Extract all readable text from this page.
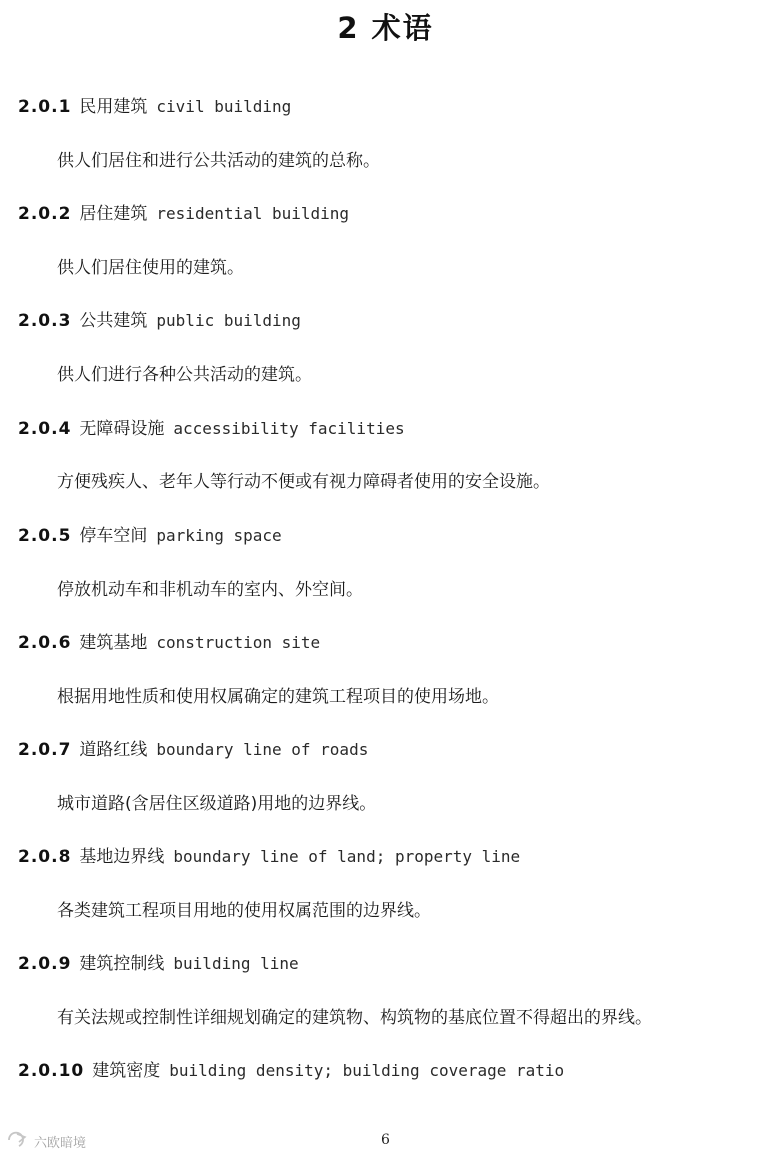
2 术语
2.0.1 民用建筑 civil building
供人们居住和进行公共活动的建筑的总称。
2.0.2 居住建筑 residential building
供人们居住使用的建筑。
2.0.3 公共建筑 public building
供人们进行各种公共活动的建筑。
2.0.4 无障碍设施 accessibility facilities
方便残疾人、老年人等行动不便或有视力障碍者使用的安全设施。
2.0.5 停车空间 parking space
停放机动车和非机动车的室内、外空间。
2.0.6 建筑基地 construction site
根据用地性质和使用权属确定的建筑工程项目的使用场地。
2.0.7 道路红线 boundary line of roads
城市道路(含居住区级道路)用地的边界线。
2.0.8 基地边界线 boundary line of land; property line
各类建筑工程项目用地的使用权属范围的边界线。
2.0.9 建筑控制线 building line
有关法规或控制性详细规划确定的建筑物、构筑物的基底位置不得超出的界线。
2.0.10 建筑密度 building density; building coverage ratio
六欧暗境	6
